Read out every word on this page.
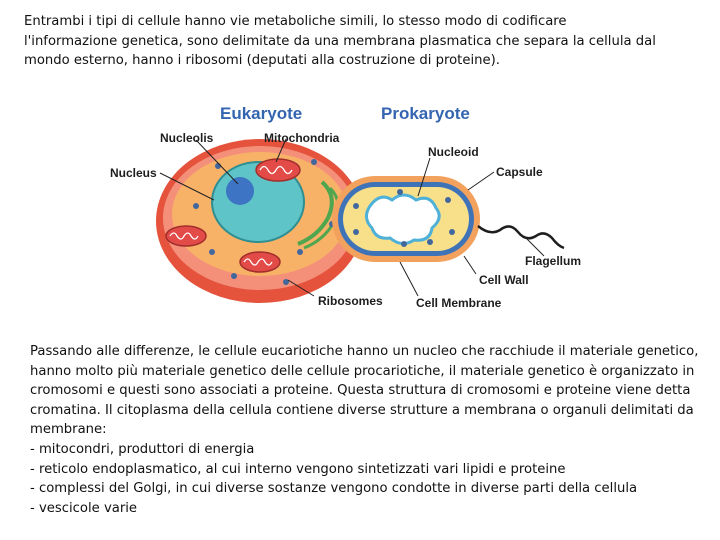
Entrambi i tipi di cellule hanno vie metaboliche simili, lo stesso modo di codificare

l'informazione genetica, sono delimitate da una membrana plasmatica che separa la cellula dal

mondo esterno, hanno i ribosomi (deputati alla costruzione di proteine).

Eukaryote	Prokaryote
Nucleolis	Mitochondria
Nucleus
Ribosomes
Nucleoid
Capsule
Flagellum
Cell Wall
Cell Membrane

Passando alle differenze, le cellule eucariotiche hanno un nucleo che racchiude il materiale genetico,

hanno molto più materiale genetico delle cellule procariotiche, il materiale genetico è organizzato in

cromosomi e questi sono associati a proteine. Questa struttura di cromosomi e proteine viene detta

cromatina. Il citoplasma della cellula contiene diverse strutture a membrana o organuli delimitati da

membrane:

- mitocondri, produttori di energia

- reticolo endoplasmatico, al cui interno vengono sintetizzati vari lipidi e proteine

- complessi del Golgi, in cui diverse sostanze vengono condotte in diverse parti della cellula

- vescicole varie
